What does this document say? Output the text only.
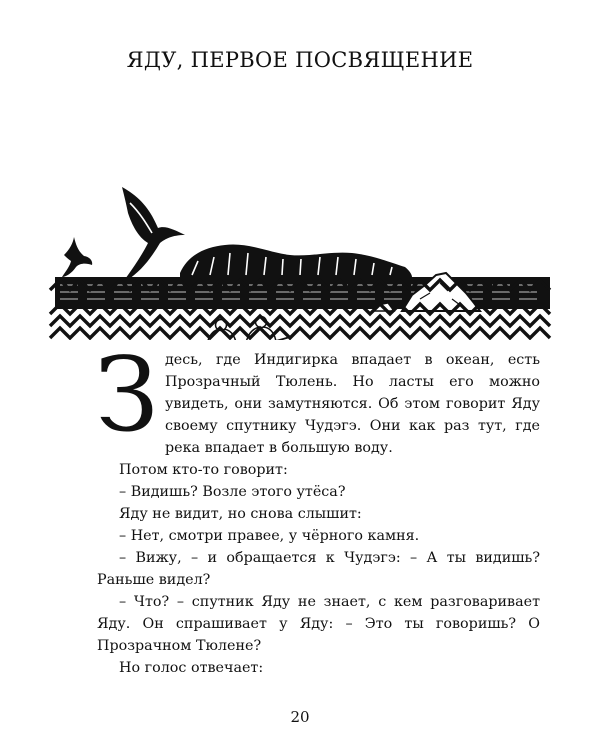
ЯДУ, ПЕРВОЕ ПОСВЯЩЕНИЕ
З десь, где Индигирка впадает в океан, есть Прозрачный Тюлень. Но ласты его можно увидеть, они замутняются. Об этом говорит Яду своему спутнику Чудэгэ. Они как раз тут, где река впадает в большую воду.

Потом кто-то говорит:

– Видишь? Возле этого утёса?

Яду не видит, но снова слышит:

– Нет, смотри правее, у чёрного камня.

– Вижу, – и обращается к Чудэгэ: – А ты видишь? Раньше видел?

– Что? – спутник Яду не знает, с кем разговаривает Яду. Он спрашивает у Яду: – Это ты говоришь? О Прозрачном Тюлене?

Но голос отвечает:

20
